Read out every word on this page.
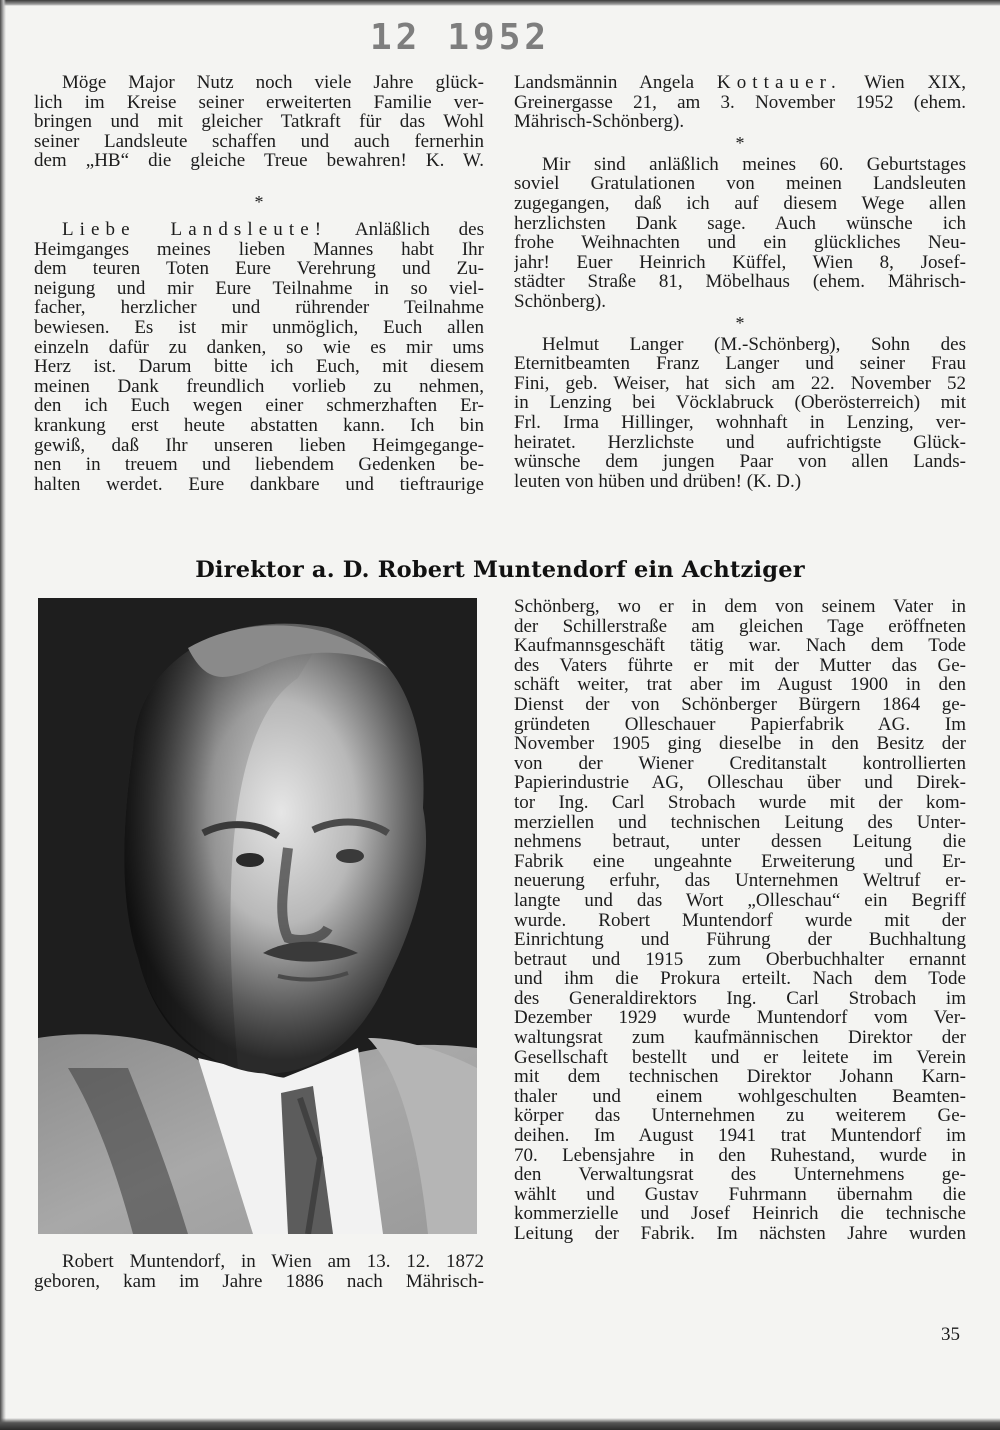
12 1952
Möge Major Nutz noch viele Jahre glück-
lich im Kreise seiner erweiterten Familie ver-
bringen und mit gleicher Tatkraft für das Wohl
seiner Landsleute schaffen und auch fernerhin
dem „HB“ die gleiche Treue bewahren! K. W.
*
Liebe Landsleute! Anläßlich des
Heimganges meines lieben Mannes habt Ihr
dem teuren Toten Eure Verehrung und Zu-
neigung und mir Eure Teilnahme in so viel-
facher, herzlicher und rührender Teilnahme
bewiesen. Es ist mir unmöglich, Euch allen
einzeln dafür zu danken, so wie es mir ums
Herz ist. Darum bitte ich Euch, mit diesem
meinen Dank freundlich vorlieb zu nehmen,
den ich Euch wegen einer schmerzhaften Er-
krankung erst heute abstatten kann. Ich bin
gewiß, daß Ihr unseren lieben Heimgegange-
nen in treuem und liebendem Gedenken be-
halten werdet. Eure dankbare und tieftraurige
Landsmännin Angela Kottauer. Wien XIX,
Greinergasse 21, am 3. November 1952 (ehem.
Mährisch-Schönberg).
*
Mir sind anläßlich meines 60. Geburtstages
soviel Gratulationen von meinen Landsleuten
zugegangen, daß ich auf diesem Wege allen
herzlichsten Dank sage. Auch wünsche ich
frohe Weihnachten und ein glückliches Neu-
jahr! Euer Heinrich Küffel, Wien 8, Josef-
städter Straße 81, Möbelhaus (ehem. Mährisch-
Schönberg).
*
Helmut Langer (M.-Schönberg), Sohn des
Eternitbeamten Franz Langer und seiner Frau
Fini, geb. Weiser, hat sich am 22. November 52
in Lenzing bei Vöcklabruck (Oberösterreich) mit
Frl. Irma Hillinger, wohnhaft in Lenzing, ver-
heiratet. Herzlichste und aufrichtigste Glück-
wünsche dem jungen Paar von allen Lands-
leuten von hüben und drüben! (K. D.)
Direktor a. D. Robert Muntendorf ein Achtziger
Robert Muntendorf, in Wien am 13. 12. 1872
geboren, kam im Jahre 1886 nach Mährisch-
Schönberg, wo er in dem von seinem Vater in
der Schillerstraße am gleichen Tage eröffneten
Kaufmannsgeschäft tätig war. Nach dem Tode
des Vaters führte er mit der Mutter das Ge-
schäft weiter, trat aber im August 1900 in den
Dienst der von Schönberger Bürgern 1864 ge-
gründeten Olleschauer Papierfabrik AG. Im
November 1905 ging dieselbe in den Besitz der
von der Wiener Creditanstalt kontrollierten
Papierindustrie AG, Olleschau über und Direk-
tor Ing. Carl Strobach wurde mit der kom-
merziellen und technischen Leitung des Unter-
nehmens betraut, unter dessen Leitung die
Fabrik eine ungeahnte Erweiterung und Er-
neuerung erfuhr, das Unternehmen Weltruf er-
langte und das Wort „Olleschau“ ein Begriff
wurde. Robert Muntendorf wurde mit der
Einrichtung und Führung der Buchhaltung
betraut und 1915 zum Oberbuchhalter ernannt
und ihm die Prokura erteilt. Nach dem Tode
des Generaldirektors Ing. Carl Strobach im
Dezember 1929 wurde Muntendorf vom Ver-
waltungsrat zum kaufmännischen Direktor der
Gesellschaft bestellt und er leitete im Verein
mit dem technischen Direktor Johann Karn-
thaler und einem wohlgeschulten Beamten-
körper das Unternehmen zu weiterem Ge-
deihen. Im August 1941 trat Muntendorf im
70. Lebensjahre in den Ruhestand, wurde in
den Verwaltungsrat des Unternehmens ge-
wählt und Gustav Fuhrmann übernahm die
kommerzielle und Josef Heinrich die technische
Leitung der Fabrik. Im nächsten Jahre wurden
35
